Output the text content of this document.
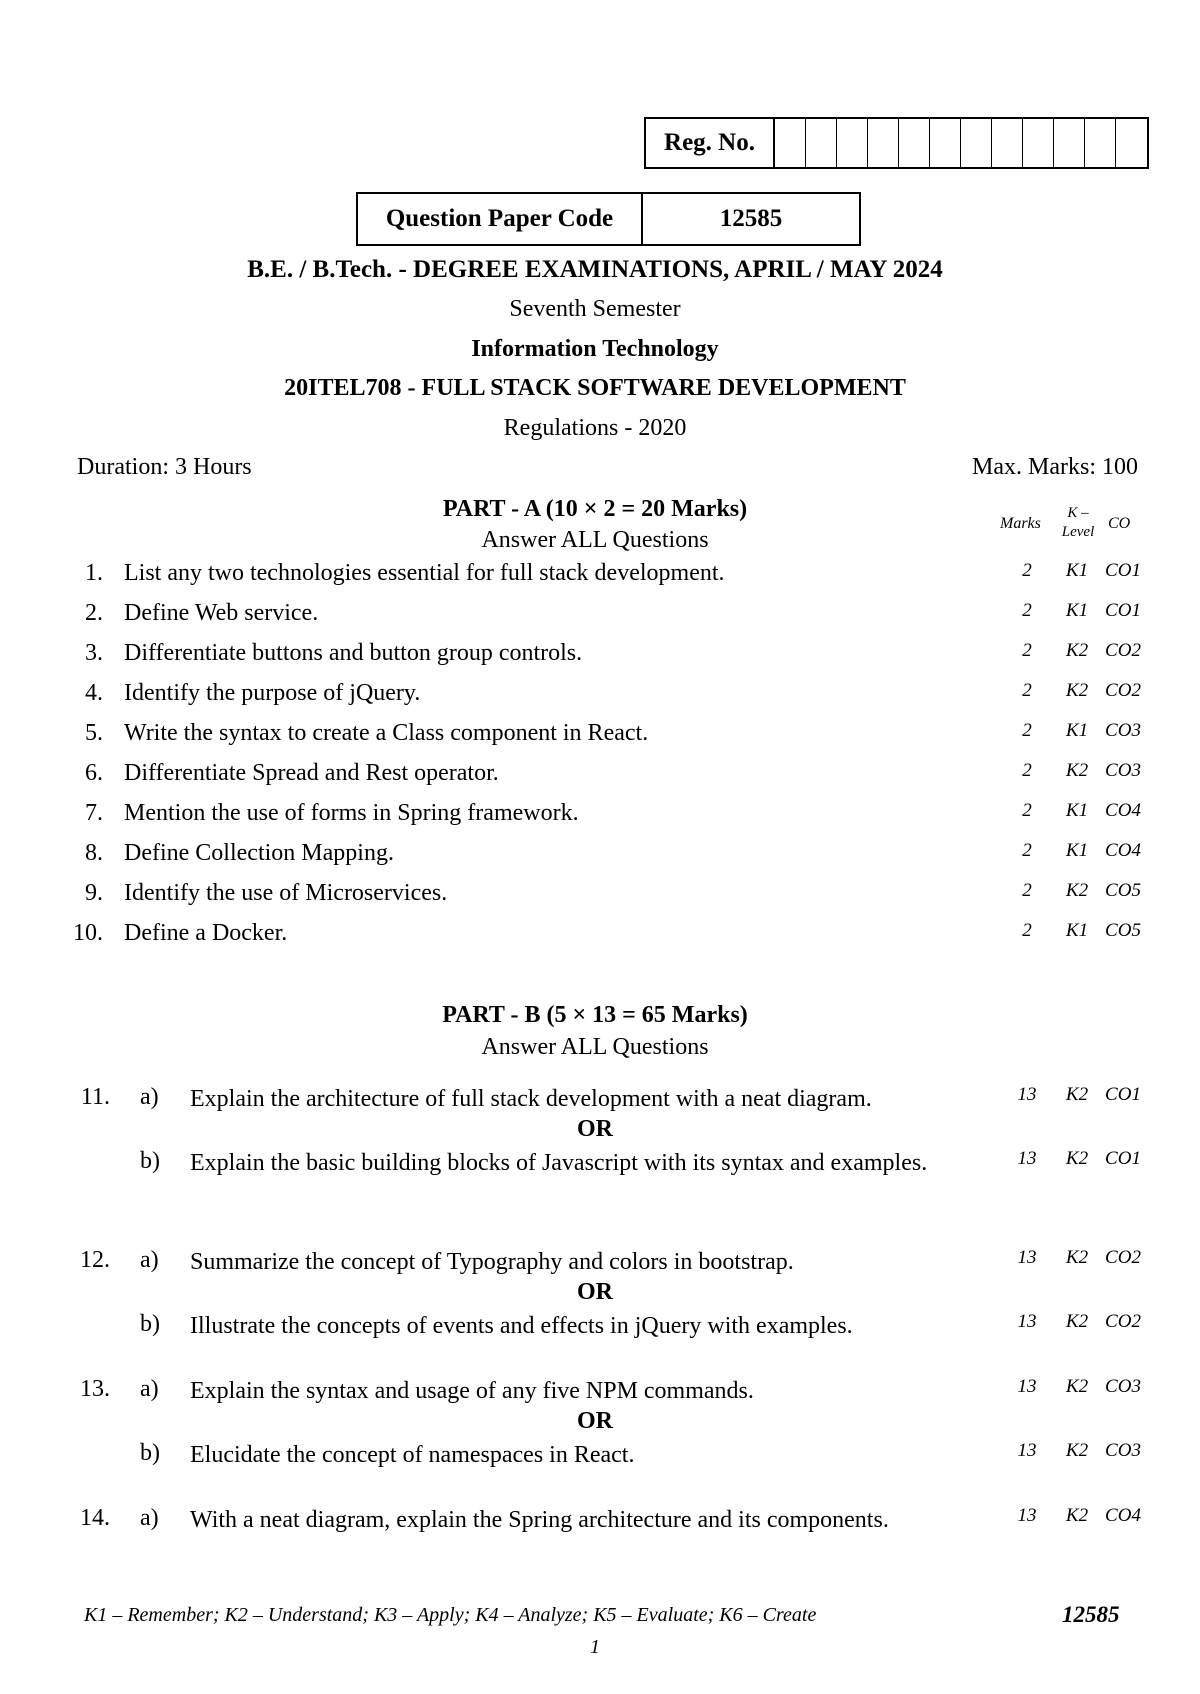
Reg. No.
Question Paper Code	12585
B.E. / B.Tech. - DEGREE EXAMINATIONS, APRIL / MAY 2024
Seventh Semester
Information Technology
20ITEL708 - FULL STACK SOFTWARE DEVELOPMENT
Regulations - 2020
Duration: 3 Hours	Max. Marks: 100
PART - A (10 × 2 = 20 Marks)
Answer ALL Questions
Marks
K –
Level CO
1. List any two technologies essential for full stack development.	2	K1 CO1
2. Define Web service.	2	K1 CO1
3. Differentiate buttons and button group controls.	2	K2 CO2
4. Identify the purpose of jQuery.	2	K2 CO2
5. Write the syntax to create a Class component in React.	2	K1 CO3
6. Differentiate Spread and Rest operator.	2	K2 CO3
7. Mention the use of forms in Spring framework.	2	K1 CO4
8. Define Collection Mapping.	2	K1 CO4
9. Identify the use of Microservices.	2	K2 CO5
10. Define a Docker.	2	K1 CO5
PART - B (5 × 13 = 65 Marks)
Answer ALL Questions
11. a) Explain the architecture of full stack development with a neat diagram.	13	K2 CO1
OR
b) Explain the basic building blocks of Javascript with its syntax and examples.	13	K2 CO1
12. a) Summarize the concept of Typography and colors in bootstrap.	13	K2 CO2
OR
b) Illustrate the concepts of events and effects in jQuery with examples.	13	K2 CO2
13. a) Explain the syntax and usage of any five NPM commands.	13	K2 CO3
OR
b) Elucidate the concept of namespaces in React.	13	K2 CO3
14. a) With a neat diagram, explain the Spring architecture and its components.	13	K2 CO4
K1 – Remember; K2 – Understand; K3 – Apply; K4 – Analyze; K5 – Evaluate; K6 – Create	12585
1
